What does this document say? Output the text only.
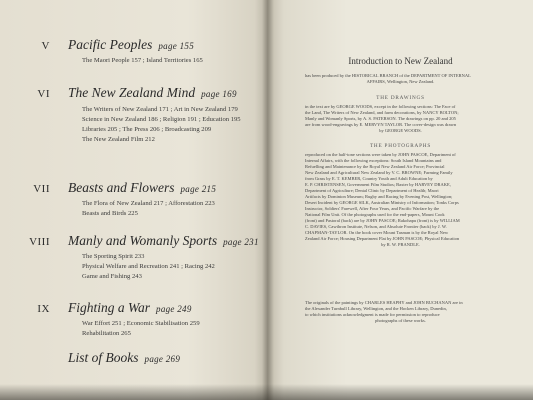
V Pacific Peoples page 155
The Maori People 157 ; Island Territories 165
VI The New Zealand Mind page 169
The Writers of New Zealand 171 ; Art in New Zealand 179
Science in New Zealand 186 ; Religion 191 ; Education 195
Libraries 205 ; The Press 206 ; Broadcasting 209
The New Zealand Film 212
VII Beasts and Flowers page 215
The Flora of New Zealand 217 ; Afforestation 223
Beasts and Birds 225
VIII Manly and Womanly Sports page 231
The Sporting Spirit 233
Physical Welfare and Recreation 241 ; Racing 242
Game and Fishing 243
IX Fighting a War page 249
War Effort 251 ; Economic Stabilisation 259
Rehabilitation 265
List of Books page 269
Introduction to New Zealand
has been produced by the HISTORICAL BRANCH of the DEPARTMENT OF INTERNAL
AFFAIRS, Wellington, New Zealand.
THE DRAWINGS
in the text are by GEORGE WOODS, except in the following sections: The Face of
the Land, The Writers of New Zealand, and farm decorations, by NANCY BOLTON;
Manly and Womanly Sports, by A. S. PATERSON. The drawings on pp. 20 and 205
are from wood-engravings by E. MERVYN TAYLOR. The cover-design was drawn
by GEORGE WOODS.
THE PHOTOGRAPHS
reproduced on the half-tone sections were taken by JOHN PASCOE, Department of
Internal Affairs, with the following exceptions: South Island Mountains and
Refuelling and Maintenance by the Royal New Zealand Air Force; Provincial
New Zealand and Agricultural New Zealand by V. C. BROWNE; Farming Family
from Grass by E. T. KEMBER, Country Youth and Adult Education by
E. P. CHRISTENSEN, Government Film Studios; Baxter by HARVEY DRAKE,
Department of Agriculture; Dental Clinic by Department of Health; Maori
Artifacts by Dominion Museum; Rugby and Racing by Evening Post, Wellington;
Desert Incident by GEORGE SILK, Australian Ministry of Information; Tonks Corps
Instructor, Soldiers' Farewell, After Four Years, and Pacific Warfare by the
National Film Unit. Of the photographs used for the end-papers, Mount Cook
(front) and Pastoral (back) are by JOHN PASCOE; Rakohapu (front) is by WILLIAM
C. DAVIES, Cawthron Institute, Nelson, and Absolute Frontier (back) by J. W.
CHAPMAN-TAYLOR. On the book cover Mount Tasman is by the Royal New
Zealand Air Force; Housing Department Flat by JOHN PASCOE; Physical Education
by R. W. PRANDLE.
The originals of the paintings by CHARLES HEAPHY and JOHN BUCHANAN are in
the Alexander Turnbull Library, Wellington, and the Hocken Library, Dunedin,
to which institutions acknowledgment is made for permission to reproduce
photographs of these works.
